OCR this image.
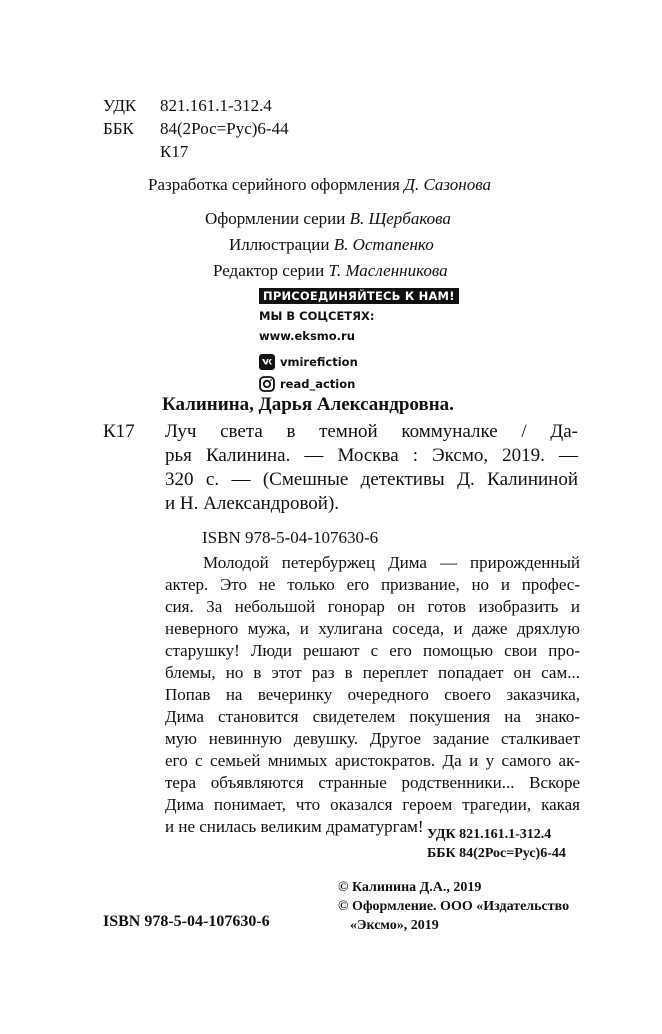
УДК 821.161.1-312.4
ББК 84(2Рос=Рус)6-44
К17
Разработка серийного оформления Д. Сазонова
Оформлении серии В. Щербакова
Иллюстрации В. Остапенко
Редактор серии Т. Масленникова
ПРИСОЕДИНЯЙТЕСЬ К НАМ!
МЫ В СОЦСЕТЯХ:
www.eksmo.ru
vmirefiction
read_action
Калинина, Дарья Александровна.
К17 Луч света в темной коммуналке / Да-
рья Калинина. — Москва : Эксмо, 2019. —
320 с. — (Смешные детективы Д. Калининой
и Н. Александровой).
ISBN 978-5-04-107630-6
Молодой петербуржец Дима — прирожденный
актер. Это не только его призвание, но и профес-
сия. За небольшой гонорар он готов изобразить и
неверного мужа, и хулигана соседа, и даже дряхлую
старушку! Люди решают с его помощью свои про-
блемы, но в этот раз в переплет попадает он сам...
Попав на вечеринку очередного своего заказчика,
Дима становится свидетелем покушения на знако-
мую невинную девушку. Другое задание сталкивает
его с семьей мнимых аристократов. Да и у самого ак-
тера объявляются странные родственники... Вскоре
Дима понимает, что оказался героем трагедии, какая
и не снилась великим драматургам! УДК 821.161.1-312.4
ББК 84(2Рос=Рус)6-44
ISBN 978-5-04-107630-6
© Калинина Д.А., 2019
© Оформление. ООО «Издательство
«Эксмо», 2019
